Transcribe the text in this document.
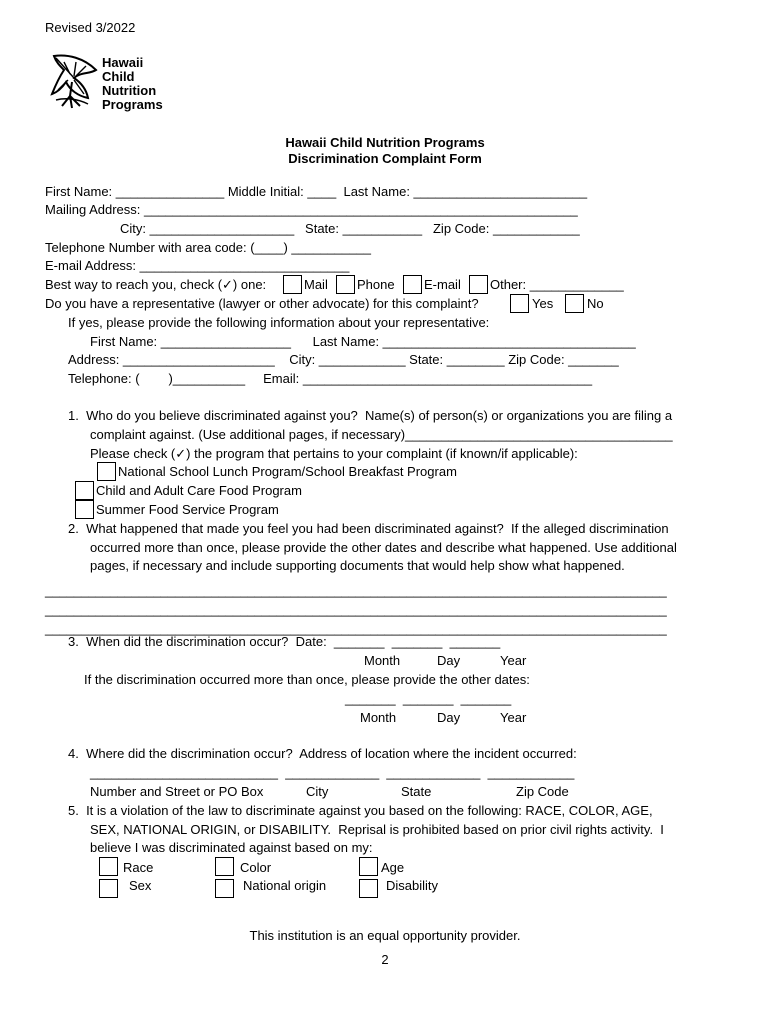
Revised 3/2022
Hawaii
Child
Nutrition
Programs
Hawaii Child Nutrition Programs
Discrimination Complaint Form
First Name: _______________ Middle Initial: ____  Last Name: ________________________
Mailing Address: ____________________________________________________________
City: ____________________   State: ___________   Zip Code: ____________
Telephone Number with area code: (____) ___________
E-mail Address: _____________________________
Best way to reach you, check (✓) one:	Mail Phone E-mail Other: _____________
Do you have a representative (lawyer or other advocate) for this complaint?	Yes	No
If yes, please provide the following information about your representative:
First Name: __________________      Last Name: ___________________________________
Address: _____________________    City: ____________ State: ________ Zip Code: _______
Telephone: (        )__________     Email: ________________________________________
1.  Who do you believe discriminated against you?  Name(s) of person(s) or organizations you are filing a
complaint against. (Use additional pages, if necessary)_____________________________________
Please check (✓) the program that pertains to your complaint (if known/if applicable):
National School Lunch Program/School Breakfast Program
Child and Adult Care Food Program
Summer Food Service Program
2.  What happened that made you feel you had been discriminated against?  If the alleged discrimination
occurred more than once, please provide the other dates and describe what happened. Use additional
pages, if necessary and include supporting documents that would help show what happened.
______________________________________________________________________________________
______________________________________________________________________________________
______________________________________________________________________________________
3.  When did the discrimination occur?  Date:  _______  _______  _______
Month	Day	Year
If the discrimination occurred more than once, please provide the other dates:
_______  _______  _______
Month	Day	Year
4.  Where did the discrimination occur?  Address of location where the incident occurred:
__________________________  _____________  _____________  ____________
Number and Street or PO Box	City	State	Zip Code
5.  It is a violation of the law to discriminate against you based on the following: RACE, COLOR, AGE,
SEX, NATIONAL ORIGIN, or DISABILITY.  Reprisal is prohibited based on prior civil rights activity.  I
believe I was discriminated against based on my:
Race	Color	Age
Sex	National origin	Disability
This institution is an equal opportunity provider.
2
